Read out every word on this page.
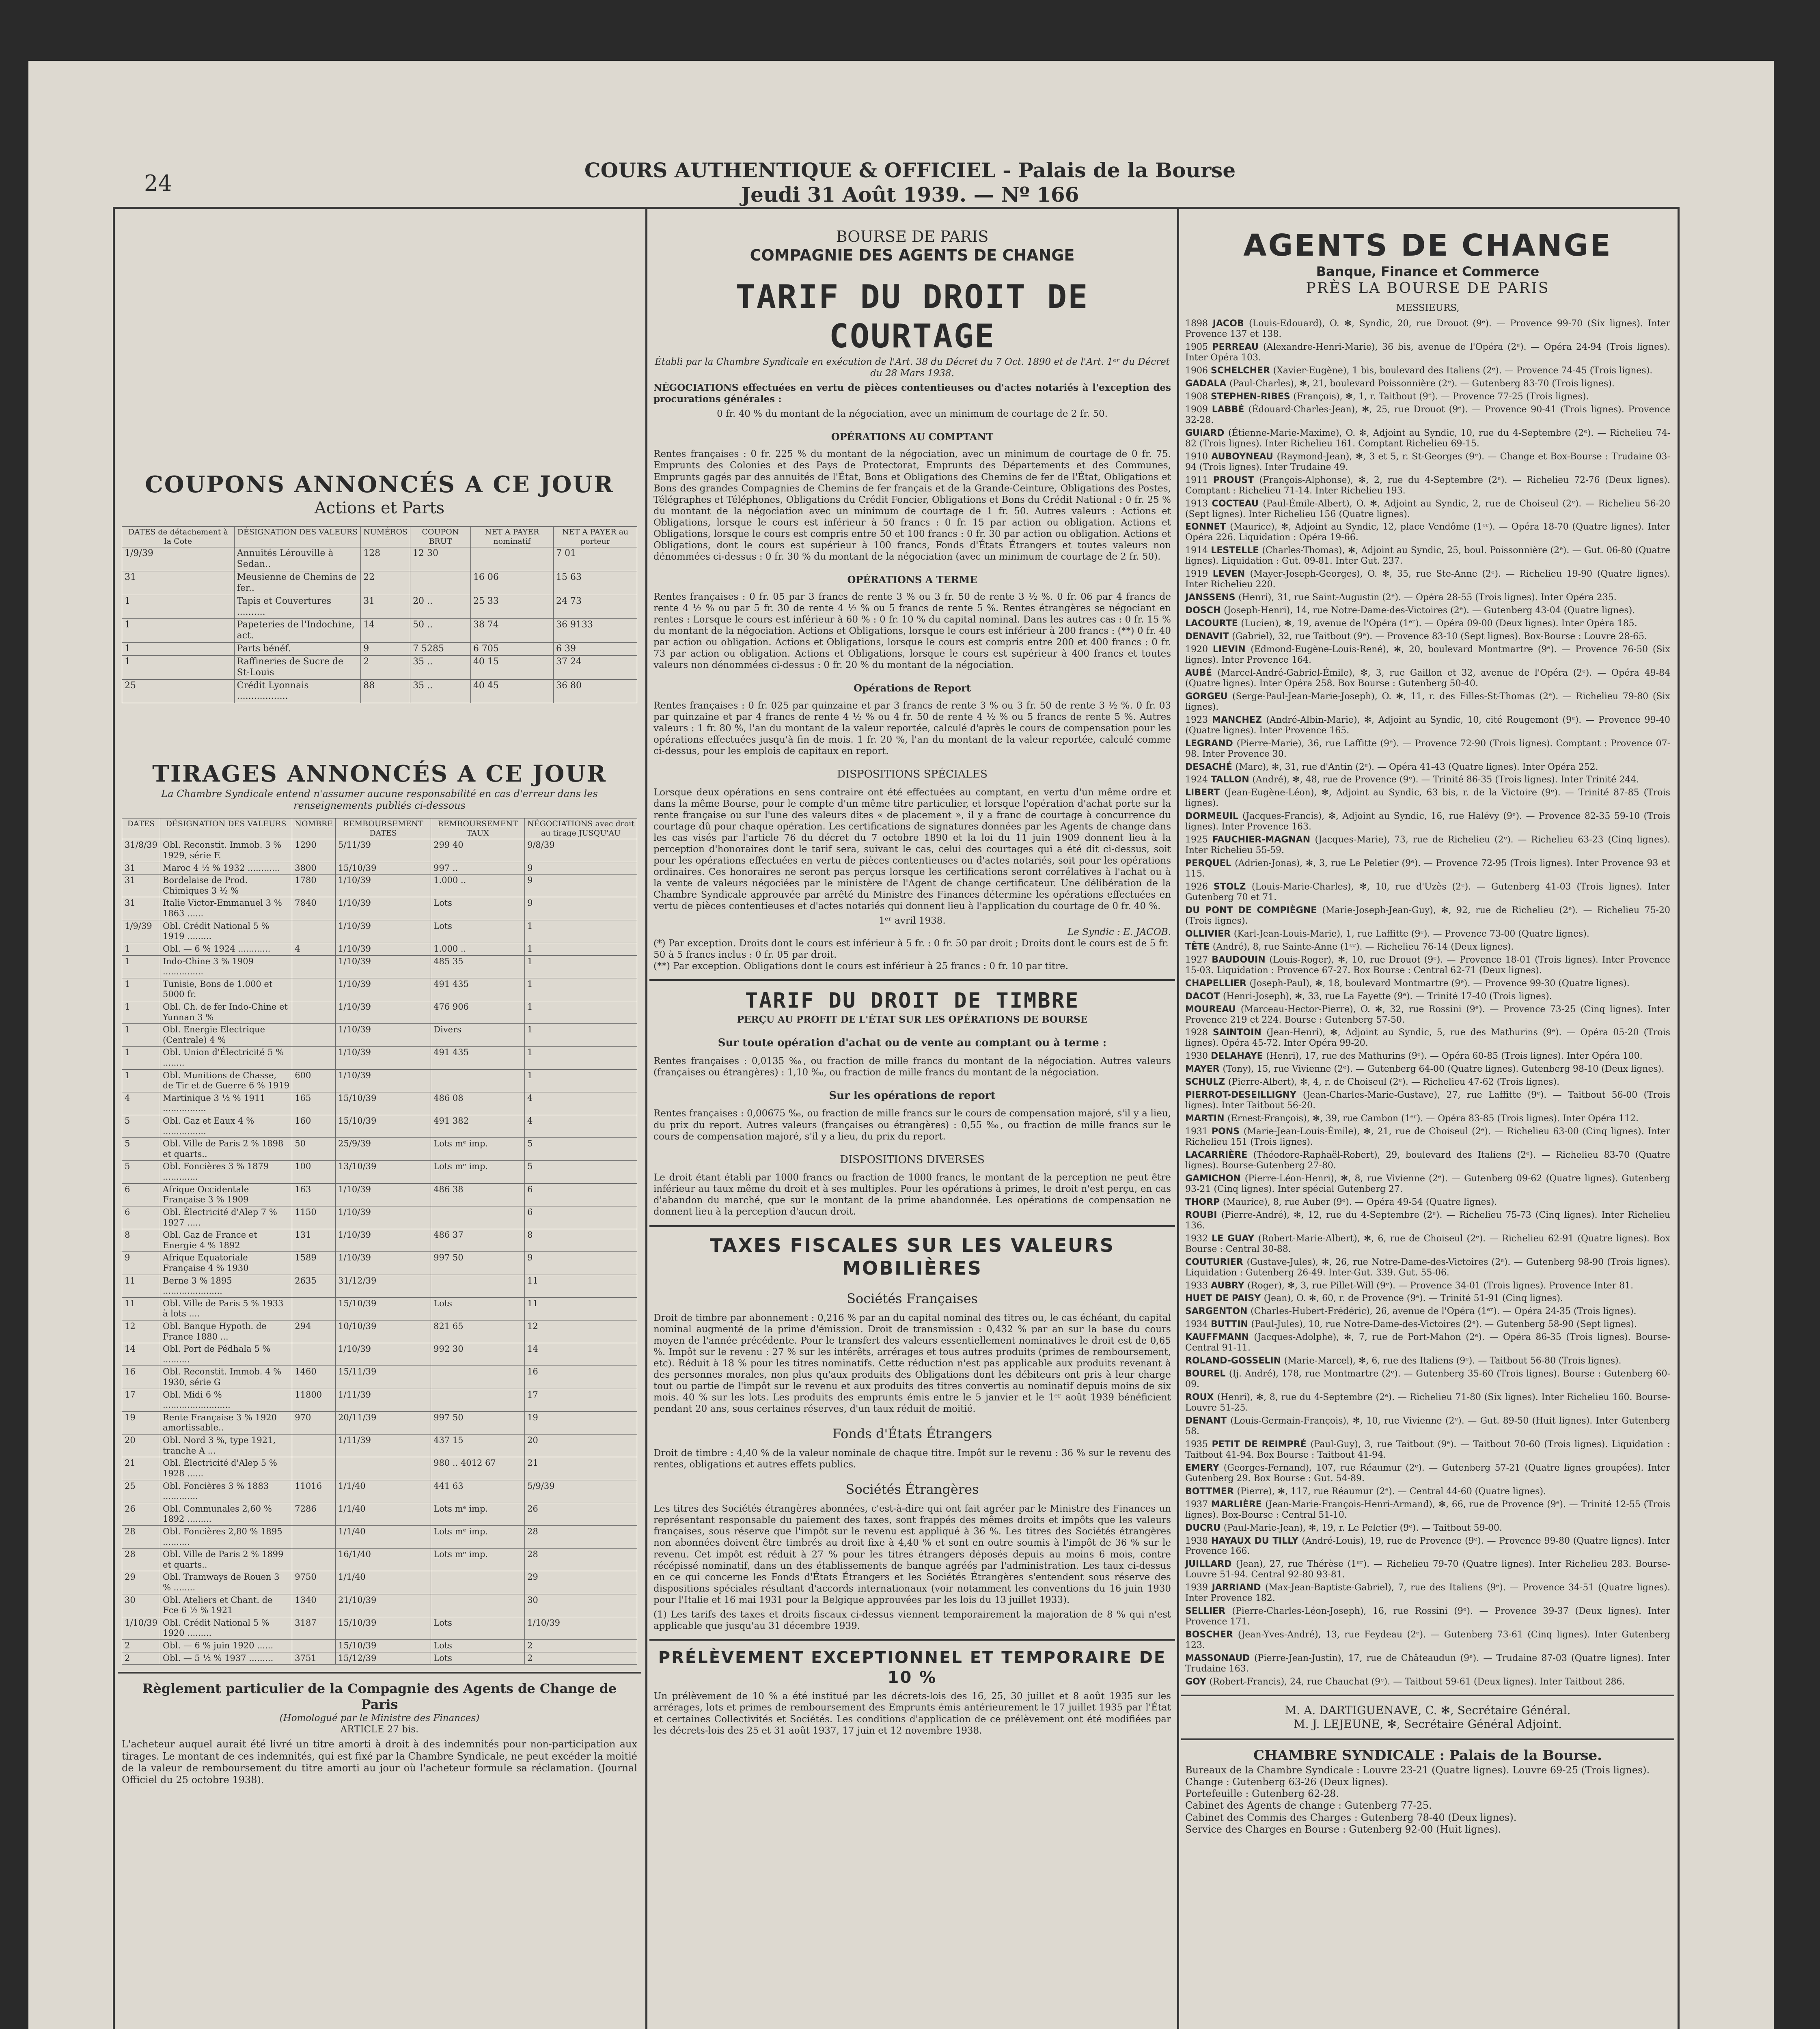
24
COURS AUTHENTIQUE & OFFICIEL - Palais de la Bourse
Jeudi 31 Août 1939. — Nº 166
COUPONS ANNONCÉS A CE JOUR
Actions et Parts
DATES de détachement à la Cote	DÉSIGNATION DES VALEURS	NUMÉROS	COUPON BRUT	NET A PAYER nominatif	NET A PAYER au porteur
1/9/39	Annuités Lérouville à Sedan..	128	12 30		7 01
31	Meusienne de Chemins de fer..	22		16 06	15 63
1	Tapis et Couvertures ..........	31	20 ..	25 33	24 73
1	Papeteries de l'Indochine, act.	14	50 ..	38 74	36 9133
1	Parts bénéf.	9	7 5285	6 705	6 39
1	Raffineries de Sucre de St-Louis	2	35 ..	40 15	37 24
25	Crédit Lyonnais ..................	88	35 ..	40 45	36 80
TIRAGES ANNONCÉS A CE JOUR
La Chambre Syndicale entend n'assumer aucune responsabilité en cas d'erreur dans les renseignements publiés ci-dessous
DATES	DÉSIGNATION DES VALEURS	NOMBRE	REMBOURSEMENT DATES	REMBOURSEMENT TAUX	NÉGOCIATIONS avec droit au tirage JUSQU'AU
31/8/39	Obl. Reconstit. Immob. 3 % 1929, série F.	1290	5/11/39	299 40	9/8/39
31	Maroc 4 ½ % 1932 ............	3800	15/10/39	997 ..	9
31	Bordelaise de Prod. Chimiques 3 ½ %	1780	1/10/39	1.000 ..	9
31	Italie Victor-Emmanuel 3 % 1863 ......	7840	1/10/39	Lots	9
1/9/39	Obl. Crédit National 5 % 1919 .........		1/10/39	Lots	1
1	Obl. — 6 % 1924 ............	4	1/10/39	1.000 ..	1
1	Indo-Chine 3 % 1909 ...............		1/10/39	485 35	1
1	Tunisie, Bons de 1.000 et 5000 fr.		1/10/39	491 435	1
1	Obl. Ch. de fer Indo-Chine et Yunnan 3 %		1/10/39	476 906	1
1	Obl. Energie Electrique (Centrale) 4 %		1/10/39	Divers	1
1	Obl. Union d'Électricité 5 % ........		1/10/39	491 435	1
1	Obl. Munitions de Chasse, de Tir et de Guerre 6 % 1919	600	1/10/39		1
4	Martinique 3 ½ % 1911 ................	165	15/10/39	486 08	4
5	Obl. Gaz et Eaux 4 % ................	160	15/10/39	491 382	4
5	Obl. Ville de Paris 2 % 1898 et quarts..	50	25/9/39	Lots mᵉ imp.	5
5	Obl. Foncières 3 % 1879 .............	100	13/10/39	Lots mᵉ imp.	5
6	Afrique Occidentale Française 3 % 1909	163	1/10/39	486 38	6
6	Obl. Électricité d'Alep 7 % 1927 .....	1150	1/10/39		6
8	Obl. Gaz de France et Energie 4 % 1892	131	1/10/39	486 37	8
9	Afrique Equatoriale Française 4 % 1930	1589	1/10/39	997 50	9
11	Berne 3 % 1895 ......................	2635	31/12/39		11
11	Obl. Ville de Paris 5 % 1933 à lots ....		15/10/39	Lots	11
12	Obl. Banque Hypoth. de France 1880 ...	294	10/10/39	821 65	12
14	Obl. Port de Pédhala 5 % ..........		1/10/39	992 30	14
16	Obl. Reconstit. Immob. 4 % 1930, série G	1460	15/11/39		16
17	Obl. Midi 6 % .........................	11800	1/11/39		17
19	Rente Française 3 % 1920 amortissable..	970	20/11/39	997 50	19
20	Obl. Nord 3 %, type 1921, tranche A ...		1/11/39	437 15	20
21	Obl. Électricité d'Alep 5 % 1928 ......			980 .. 4012 67	21
25	Obl. Foncières 3 % 1883 .............	11016	1/1/40	441 63	5/9/39
26	Obl. Communales 2,60 % 1892 .........	7286	1/1/40	Lots mᵉ imp.	26
28	Obl. Foncières 2,80 % 1895 ..........		1/1/40	Lots mᵉ imp.	28
28	Obl. Ville de Paris 2 % 1899 et quarts..		16/1/40	Lots mᵉ imp.	28
29	Obl. Tramways de Rouen 3 % ........	9750	1/1/40		29
30	Obl. Ateliers et Chant. de Fce 6 ½ % 1921	1340	21/10/39		30
1/10/39	Obl. Crédit National 5 % 1920 .........	3187	15/10/39	Lots	1/10/39
2	Obl. — 6 % juin 1920 ......		15/10/39	Lots	2
2	Obl. — 5 ½ % 1937 .........	3751	15/12/39	Lots	2
Règlement particulier de la Compagnie des Agents de Change de Paris
(Homologué par le Ministre des Finances)
ARTICLE 27 bis.
L'acheteur auquel aurait été livré un titre amorti à droit à des indemnités pour non-participation aux tirages. Le montant de ces indemnités, qui est fixé par la Chambre Syndicale, ne peut excéder la moitié de la valeur de remboursement du titre amorti au jour où l'acheteur formule sa réclamation. (Journal Officiel du 25 octobre 1938).
BOURSE DE PARIS
COMPAGNIE DES AGENTS DE CHANGE
TARIF DU DROIT DE COURTAGE
Établi par la Chambre Syndicale en exécution de l'Art. 38 du Décret du 7 Oct. 1890 et de l'Art. 1ᵉʳ du Décret du 28 Mars 1938.
NÉGOCIATIONS effectuées en vertu de pièces contentieuses ou d'actes notariés à l'exception des procurations générales :
0 fr. 40 % du montant de la négociation, avec un minimum de courtage de 2 fr. 50.
OPÉRATIONS AU COMPTANT
Rentes françaises : 0 fr. 225 % du montant de la négociation, avec un minimum de courtage de 0 fr. 75. Emprunts des Colonies et des Pays de Protectorat, Emprunts des Départements et des Communes, Emprunts gagés par des annuités de l'État, Bons et Obligations des Chemins de fer de l'État, Obligations et Bons des grandes Compagnies de Chemins de fer français et de la Grande-Ceinture, Obligations des Postes, Télégraphes et Téléphones, Obligations du Crédit Foncier, Obligations et Bons du Crédit National : 0 fr. 25 % du montant de la négociation avec un minimum de courtage de 1 fr. 50. Autres valeurs : Actions et Obligations, lorsque le cours est inférieur à 50 francs : 0 fr. 15 par action ou obligation. Actions et Obligations, lorsque le cours est compris entre 50 et 100 francs : 0 fr. 30 par action ou obligation. Actions et Obligations, dont le cours est supérieur à 100 francs, Fonds d'États Étrangers et toutes valeurs non dénommées ci-dessus : 0 fr. 30 % du montant de la négociation (avec un minimum de courtage de 2 fr. 50).
OPÉRATIONS A TERME
Rentes françaises : 0 fr. 05 par 3 francs de rente 3 % ou 3 fr. 50 de rente 3 ½ %. 0 fr. 06 par 4 francs de rente 4 ½ % ou par 5 fr. 30 de rente 4 ½ % ou 5 francs de rente 5 %. Rentes étrangères se négociant en rentes : Lorsque le cours est inférieur à 60 % : 0 fr. 10 % du capital nominal. Dans les autres cas : 0 fr. 15 % du montant de la négociation. Actions et Obligations, lorsque le cours est inférieur à 200 francs : (**) 0 fr. 40 par action ou obligation. Actions et Obligations, lorsque le cours est compris entre 200 et 400 francs : 0 fr. 73 par action ou obligation. Actions et Obligations, lorsque le cours est supérieur à 400 francs et toutes valeurs non dénommées ci-dessus : 0 fr. 20 % du montant de la négociation.
Opérations de Report
Rentes françaises : 0 fr. 025 par quinzaine et par 3 francs de rente 3 % ou 3 fr. 50 de rente 3 ½ %. 0 fr. 03 par quinzaine et par 4 francs de rente 4 ½ % ou 4 fr. 50 de rente 4 ½ % ou 5 francs de rente 5 %. Autres valeurs : 1 fr. 80 %, l'an du montant de la valeur reportée, calculé d'après le cours de compensation pour les opérations effectuées jusqu'à fin de mois. 1 fr. 20 %, l'an du montant de la valeur reportée, calculé comme ci-dessus, pour les emplois de capitaux en report.
DISPOSITIONS SPÉCIALES
Lorsque deux opérations en sens contraire ont été effectuées au comptant, en vertu d'un même ordre et dans la même Bourse, pour le compte d'un même titre particulier, et lorsque l'opération d'achat porte sur la rente française ou sur l'une des valeurs dites « de placement », il y a franc de courtage à concurrence du courtage dû pour chaque opération. Les certifications de signatures données par les Agents de change dans les cas visés par l'article 76 du décret du 7 octobre 1890 et la loi du 11 juin 1909 donnent lieu à la perception d'honoraires dont le tarif sera, suivant le cas, celui des courtages qui a été dit ci-dessus, soit pour les opérations effectuées en vertu de pièces contentieuses ou d'actes notariés, soit pour les opérations ordinaires. Ces honoraires ne seront pas perçus lorsque les certifications seront corrélatives à l'achat ou à la vente de valeurs négociées par le ministère de l'Agent de change certificateur. Une délibération de la Chambre Syndicale approuvée par arrêté du Ministre des Finances détermine les opérations effectuées en vertu de pièces contentieuses et d'actes notariés qui donnent lieu à l'application du courtage de 0 fr. 40 %.
1ᵉʳ avril 1938.
Le Syndic : E. JACOB.
(*) Par exception. Droits dont le cours est inférieur à 5 fr. : 0 fr. 50 par droit ; Droits dont le cours est de 5 fr. 50 à 5 francs inclus : 0 fr. 05 par droit.
(**) Par exception. Obligations dont le cours est inférieur à 25 francs : 0 fr. 10 par titre.
TARIF DU DROIT DE TIMBRE
PERÇU AU PROFIT DE L'ÉTAT SUR LES OPÉRATIONS DE BOURSE
Sur toute opération d'achat ou de vente au comptant ou à terme :
Rentes françaises : 0,0135 ‰, ou fraction de mille francs du montant de la négociation. Autres valeurs (françaises ou étrangères) : 1,10 ‰, ou fraction de mille francs du montant de la négociation.
Sur les opérations de report
Rentes françaises : 0,00675 ‰, ou fraction de mille francs sur le cours de compensation majoré, s'il y a lieu, du prix du report. Autres valeurs (françaises ou étrangères) : 0,55 ‰, ou fraction de mille francs sur le cours de compensation majoré, s'il y a lieu, du prix du report.
DISPOSITIONS DIVERSES
Le droit étant établi par 1000 francs ou fraction de 1000 francs, le montant de la perception ne peut être inférieur au taux même du droit et à ses multiples. Pour les opérations à primes, le droit n'est perçu, en cas d'abandon du marché, que sur le montant de la prime abandonnée. Les opérations de compensation ne donnent lieu à la perception d'aucun droit.
TAXES FISCALES SUR LES VALEURS MOBILIÈRES
Sociétés Françaises
Droit de timbre par abonnement : 0,216 % par an du capital nominal des titres ou, le cas échéant, du capital nominal augmenté de la prime d'émission. Droit de transmission : 0,432 % par an sur la base du cours moyen de l'année précédente. Pour le transfert des valeurs essentiellement nominatives le droit est de 0,65 %. Impôt sur le revenu : 27 % sur les intérêts, arrérages et tous autres produits (primes de remboursement, etc). Réduit à 18 % pour les titres nominatifs. Cette réduction n'est pas applicable aux produits revenant à des personnes morales, non plus qu'aux produits des Obligations dont les débiteurs ont pris à leur charge tout ou partie de l'impôt sur le revenu et aux produits des titres convertis au nominatif depuis moins de six mois. 40 % sur les lots. Les produits des emprunts émis entre le 5 janvier et le 1ᵉʳ août 1939 bénéficient pendant 20 ans, sous certaines réserves, d'un taux réduit de moitié.
Fonds d'États Étrangers
Droit de timbre : 4,40 % de la valeur nominale de chaque titre. Impôt sur le revenu : 36 % sur le revenu des rentes, obligations et autres effets publics.
Sociétés Étrangères
Les titres des Sociétés étrangères abonnées, c'est-à-dire qui ont fait agréer par le Ministre des Finances un représentant responsable du paiement des taxes, sont frappés des mêmes droits et impôts que les valeurs françaises, sous réserve que l'impôt sur le revenu est appliqué à 36 %. Les titres des Sociétés étrangères non abonnées doivent être timbrés au droit fixe à 4,40 % et sont en outre soumis à l'impôt de 36 % sur le revenu. Cet impôt est réduit à 27 % pour les titres étrangers déposés depuis au moins 6 mois, contre récépissé nominatif, dans un des établissements de banque agréés par l'administration. Les taux ci-dessus en ce qui concerne les Fonds d'États Étrangers et les Sociétés Étrangères s'entendent sous réserve des dispositions spéciales résultant d'accords internationaux (voir notamment les conventions du 16 juin 1930 pour l'Italie et 16 mai 1931 pour la Belgique approuvées par les lois du 13 juillet 1933).
(1) Les tarifs des taxes et droits fiscaux ci-dessus viennent temporairement la majoration de 8 % qui n'est applicable que jusqu'au 31 décembre 1939.
PRÉLÈVEMENT EXCEPTIONNEL ET TEMPORAIRE DE 10 %
Un prélèvement de 10 % a été institué par les décrets-lois des 16, 25, 30 juillet et 8 août 1935 sur les arrérages, lots et primes de remboursement des Emprunts émis antérieurement le 17 juillet 1935 par l'État et certaines Collectivités et Sociétés. Les conditions d'application de ce prélèvement ont été modifiées par les décrets-lois des 25 et 31 août 1937, 17 juin et 12 novembre 1938.
AGENTS DE CHANGE
Banque, Finance et Commerce
PRÈS LA BOURSE DE PARIS
MESSIEURS,
1898 JACOB (Louis-Edouard), O. ✻, Syndic, 20, rue Drouot (9ᵉ). — Provence 99-70 (Six lignes). Inter Provence 137 et 138.
1905 PERREAU (Alexandre-Henri-Marie), 36 bis, avenue de l'Opéra (2ᵉ). — Opéra 24-94 (Trois lignes). Inter Opéra 103.
1906 SCHELCHER (Xavier-Eugène), 1 bis, boulevard des Italiens (2ᵉ). — Provence 74-45 (Trois lignes).
GADALA (Paul-Charles), ✻, 21, boulevard Poissonnière (2ᵉ). — Gutenberg 83-70 (Trois lignes).
1908 STEPHEN-RIBES (François), ✻, 1, r. Taitbout (9ᵉ). — Provence 77-25 (Trois lignes).
1909 LABBÉ (Édouard-Charles-Jean), ✻, 25, rue Drouot (9ᵉ). — Provence 90-41 (Trois lignes). Provence 32-28.
GUIARD (Étienne-Marie-Maxime), O. ✻, Adjoint au Syndic, 10, rue du 4-Septembre (2ᵉ). — Richelieu 74-82 (Trois lignes). Inter Richelieu 161. Comptant Richelieu 69-15.
1910 AUBOYNEAU (Raymond-Jean), ✻, 3 et 5, r. St-Georges (9ᵉ). — Change et Box-Bourse : Trudaine 03-94 (Trois lignes). Inter Trudaine 49.
1911 PROUST (François-Alphonse), ✻, 2, rue du 4-Septembre (2ᵉ). — Richelieu 72-76 (Deux lignes). Comptant : Richelieu 71-14. Inter Richelieu 193.
1913 COCTEAU (Paul-Émile-Albert), O. ✻, Adjoint au Syndic, 2, rue de Choiseul (2ᵉ). — Richelieu 56-20 (Sept lignes). Inter Richelieu 156 (Quatre lignes).
EONNET (Maurice), ✻, Adjoint au Syndic, 12, place Vendôme (1ᵉʳ). — Opéra 18-70 (Quatre lignes). Inter Opéra 226. Liquidation : Opéra 19-66.
1914 LESTELLE (Charles-Thomas), ✻, Adjoint au Syndic, 25, boul. Poissonnière (2ᵉ). — Gut. 06-80 (Quatre lignes). Liquidation : Gut. 09-81. Inter Gut. 237.
1919 LEVEN (Mayer-Joseph-Georges), O. ✻, 35, rue Ste-Anne (2ᵉ). — Richelieu 19-90 (Quatre lignes). Inter Richelieu 220.
JANSSENS (Henri), 31, rue Saint-Augustin (2ᵉ). — Opéra 28-55 (Trois lignes). Inter Opéra 235.
DOSCH (Joseph-Henri), 14, rue Notre-Dame-des-Victoires (2ᵉ). — Gutenberg 43-04 (Quatre lignes).
LACOURTE (Lucien), ✻, 19, avenue de l'Opéra (1ᵉʳ). — Opéra 09-00 (Deux lignes). Inter Opéra 185.
DENAVIT (Gabriel), 32, rue Taitbout (9ᵉ). — Provence 83-10 (Sept lignes). Box-Bourse : Louvre 28-65.
1920 LIEVIN (Edmond-Eugène-Louis-René), ✻, 20, boulevard Montmartre (9ᵉ). — Provence 76-50 (Six lignes). Inter Provence 164.
AUBÉ (Marcel-André-Gabriel-Émile), ✻, 3, rue Gaillon et 32, avenue de l'Opéra (2ᵉ). — Opéra 49-84 (Quatre lignes). Inter Opéra 258. Box Bourse : Gutenberg 50-40.
GORGEU (Serge-Paul-Jean-Marie-Joseph), O. ✻, 11, r. des Filles-St-Thomas (2ᵉ). — Richelieu 79-80 (Six lignes).
1923 MANCHEZ (André-Albin-Marie), ✻, Adjoint au Syndic, 10, cité Rougemont (9ᵉ). — Provence 99-40 (Quatre lignes). Inter Provence 165.
LEGRAND (Pierre-Marie), 36, rue Laffitte (9ᵉ). — Provence 72-90 (Trois lignes). Comptant : Provence 07-98. Inter Provence 30.
DESACHÉ (Marc), ✻, 31, rue d'Antin (2ᵉ). — Opéra 41-43 (Quatre lignes). Inter Opéra 252.
1924 TALLON (André), ✻, 48, rue de Provence (9ᵉ). — Trinité 86-35 (Trois lignes). Inter Trinité 244.
LIBERT (Jean-Eugène-Léon), ✻, Adjoint au Syndic, 63 bis, r. de la Victoire (9ᵉ). — Trinité 87-85 (Trois lignes).
DORMEUIL (Jacques-Francis), ✻, Adjoint au Syndic, 16, rue Halévy (9ᵉ). — Provence 82-35 59-10 (Trois lignes). Inter Provence 163.
1925 FAUCHIER-MAGNAN (Jacques-Marie), 73, rue de Richelieu (2ᵉ). — Richelieu 63-23 (Cinq lignes). Inter Richelieu 55-59.
PERQUEL (Adrien-Jonas), ✻, 3, rue Le Peletier (9ᵉ). — Provence 72-95 (Trois lignes). Inter Provence 93 et 115.
1926 STOLZ (Louis-Marie-Charles), ✻, 10, rue d'Uzès (2ᵉ). — Gutenberg 41-03 (Trois lignes). Inter Gutenberg 70 et 71.
DU PONT DE COMPIÈGNE (Marie-Joseph-Jean-Guy), ✻, 92, rue de Richelieu (2ᵉ). — Richelieu 75-20 (Trois lignes).
OLLIVIER (Karl-Jean-Louis-Marie), 1, rue Laffitte (9ᵉ). — Provence 73-00 (Quatre lignes).
TÊTE (André), 8, rue Sainte-Anne (1ᵉʳ). — Richelieu 76-14 (Deux lignes).
1927 BAUDOUIN (Louis-Roger), ✻, 10, rue Drouot (9ᵉ). — Provence 18-01 (Trois lignes). Inter Provence 15-03. Liquidation : Provence 67-27. Box Bourse : Central 62-71 (Deux lignes).
CHAPELLIER (Joseph-Paul), ✻, 18, boulevard Montmartre (9ᵉ). — Provence 99-30 (Quatre lignes).
DACOT (Henri-Joseph), ✻, 33, rue La Fayette (9ᵉ). — Trinité 17-40 (Trois lignes).
MOUREAU (Marceau-Hector-Pierre), O. ✻, 32, rue Rossini (9ᵉ). — Provence 73-25 (Cinq lignes). Inter Provence 219 et 224. Bourse : Gutenberg 57-50.
1928 SAINTOIN (Jean-Henri), ✻, Adjoint au Syndic, 5, rue des Mathurins (9ᵉ). — Opéra 05-20 (Trois lignes). Opéra 45-72. Inter Opéra 99-20.
1930 DELAHAYE (Henri), 17, rue des Mathurins (9ᵉ). — Opéra 60-85 (Trois lignes). Inter Opéra 100.
MAYER (Tony), 15, rue Vivienne (2ᵉ). — Gutenberg 64-00 (Quatre lignes). Gutenberg 98-10 (Deux lignes).
SCHULZ (Pierre-Albert), ✻, 4, r. de Choiseul (2ᵉ). — Richelieu 47-62 (Trois lignes).
PIERROT-DESEILLIGNY (Jean-Charles-Marie-Gustave), 27, rue Laffitte (9ᵉ). — Taitbout 56-00 (Trois lignes). Inter Taitbout 56-20.
MARTIN (Ernest-François), ✻, 39, rue Cambon (1ᵉʳ). — Opéra 83-85 (Trois lignes). Inter Opéra 112.
1931 PONS (Marie-Jean-Louis-Émile), ✻, 21, rue de Choiseul (2ᵉ). — Richelieu 63-00 (Cinq lignes). Inter Richelieu 151 (Trois lignes).
LACARRIÈRE (Théodore-Raphaël-Robert), 29, boulevard des Italiens (2ᵉ). — Richelieu 83-70 (Quatre lignes). Bourse-Gutenberg 27-80.
GAMICHON (Pierre-Léon-Henri), ✻, 8, rue Vivienne (2ᵉ). — Gutenberg 09-62 (Quatre lignes). Gutenberg 93-21 (Cinq lignes). Inter spécial Gutenberg 27.
THORP (Maurice), 8, rue Auber (9ᵉ). — Opéra 49-54 (Quatre lignes).
ROUBI (Pierre-André), ✻, 12, rue du 4-Septembre (2ᵉ). — Richelieu 75-73 (Cinq lignes). Inter Richelieu 136.
1932 LE GUAY (Robert-Marie-Albert), ✻, 6, rue de Choiseul (2ᵉ). — Richelieu 62-91 (Quatre lignes). Box Bourse : Central 30-88.
COUTURIER (Gustave-Jules), ✻, 26, rue Notre-Dame-des-Victoires (2ᵉ). — Gutenberg 98-90 (Trois lignes). Liquidation : Gutenberg 26-49. Inter-Gut. 339. Gut. 55-06.
1933 AUBRY (Roger), ✻, 3, rue Pillet-Will (9ᵉ). — Provence 34-01 (Trois lignes). Provence Inter 81.
HUET DE PAISY (Jean), O. ✻, 60, r. de Provence (9ᵉ). — Trinité 51-91 (Cinq lignes).
SARGENTON (Charles-Hubert-Frédéric), 26, avenue de l'Opéra (1ᵉʳ). — Opéra 24-35 (Trois lignes).
1934 BUTTIN (Paul-Jules), 10, rue Notre-Dame-des-Victoires (2ᵉ). — Gutenberg 58-90 (Sept lignes).
KAUFFMANN (Jacques-Adolphe), ✻, 7, rue de Port-Mahon (2ᵉ). — Opéra 86-35 (Trois lignes). Bourse-Central 91-11.
ROLAND-GOSSELIN (Marie-Marcel), ✻, 6, rue des Italiens (9ᵉ). — Taitbout 56-80 (Trois lignes).
BOUREL (Ij. André), 178, rue Montmartre (2ᵉ). — Gutenberg 35-60 (Trois lignes). Bourse : Gutenberg 60-09.
ROUX (Henri), ✻, 8, rue du 4-Septembre (2ᵉ). — Richelieu 71-80 (Six lignes). Inter Richelieu 160. Bourse-Louvre 51-25.
DENANT (Louis-Germain-François), ✻, 10, rue Vivienne (2ᵉ). — Gut. 89-50 (Huit lignes). Inter Gutenberg 58.
1935 PETIT DE REIMPRÉ (Paul-Guy), 3, rue Taitbout (9ᵉ). — Taitbout 70-60 (Trois lignes). Liquidation : Taitbout 41-94. Box Bourse : Taitbout 41-94.
EMERY (Georges-Fernand), 107, rue Réaumur (2ᵉ). — Gutenberg 57-21 (Quatre lignes groupées). Inter Gutenberg 29. Box Bourse : Gut. 54-89.
BOTTMER (Pierre), ✻, 117, rue Réaumur (2ᵉ). — Central 44-60 (Quatre lignes).
1937 MARLIÈRE (Jean-Marie-François-Henri-Armand), ✻, 66, rue de Provence (9ᵉ). — Trinité 12-55 (Trois lignes). Box-Bourse : Central 51-10.
DUCRU (Paul-Marie-Jean), ✻, 19, r. Le Peletier (9ᵉ). — Taitbout 59-00.
1938 HAYAUX DU TILLY (André-Louis), 19, rue de Provence (9ᵉ). — Provence 99-80 (Quatre lignes). Inter Provence 166.
JUILLARD (Jean), 27, rue Thérèse (1ᵉʳ). — Richelieu 79-70 (Quatre lignes). Inter Richelieu 283. Bourse-Louvre 51-94. Central 92-80 93-81.
1939 JARRIAND (Max-Jean-Baptiste-Gabriel), 7, rue des Italiens (9ᵉ). — Provence 34-51 (Quatre lignes). Inter Provence 182.
SELLIER (Pierre-Charles-Léon-Joseph), 16, rue Rossini (9ᵉ). — Provence 39-37 (Deux lignes). Inter Provence 171.
BOSCHER (Jean-Yves-André), 13, rue Feydeau (2ᵉ). — Gutenberg 73-61 (Cinq lignes). Inter Gutenberg 123.
MASSONAUD (Pierre-Jean-Justin), 17, rue de Châteaudun (9ᵉ). — Trudaine 87-03 (Quatre lignes). Inter Trudaine 163.
GOY (Robert-Francis), 24, rue Chauchat (9ᵉ). — Taitbout 59-61 (Deux lignes). Inter Taitbout 286.
M. A. DARTIGUENAVE, C. ✻, Secrétaire Général.
M. J. LEJEUNE, ✻, Secrétaire Général Adjoint.
CHAMBRE SYNDICALE : Palais de la Bourse.
Bureaux de la Chambre Syndicale : Louvre 23-21 (Quatre lignes). Louvre 69-25 (Trois lignes).
Change : Gutenberg 63-26 (Deux lignes).
Portefeuille : Gutenberg 62-28.
Cabinet des Agents de change : Gutenberg 77-25.
Cabinet des Commis des Charges : Gutenberg 78-40 (Deux lignes).
Service des Charges en Bourse : Gutenberg 92-00 (Huit lignes).
